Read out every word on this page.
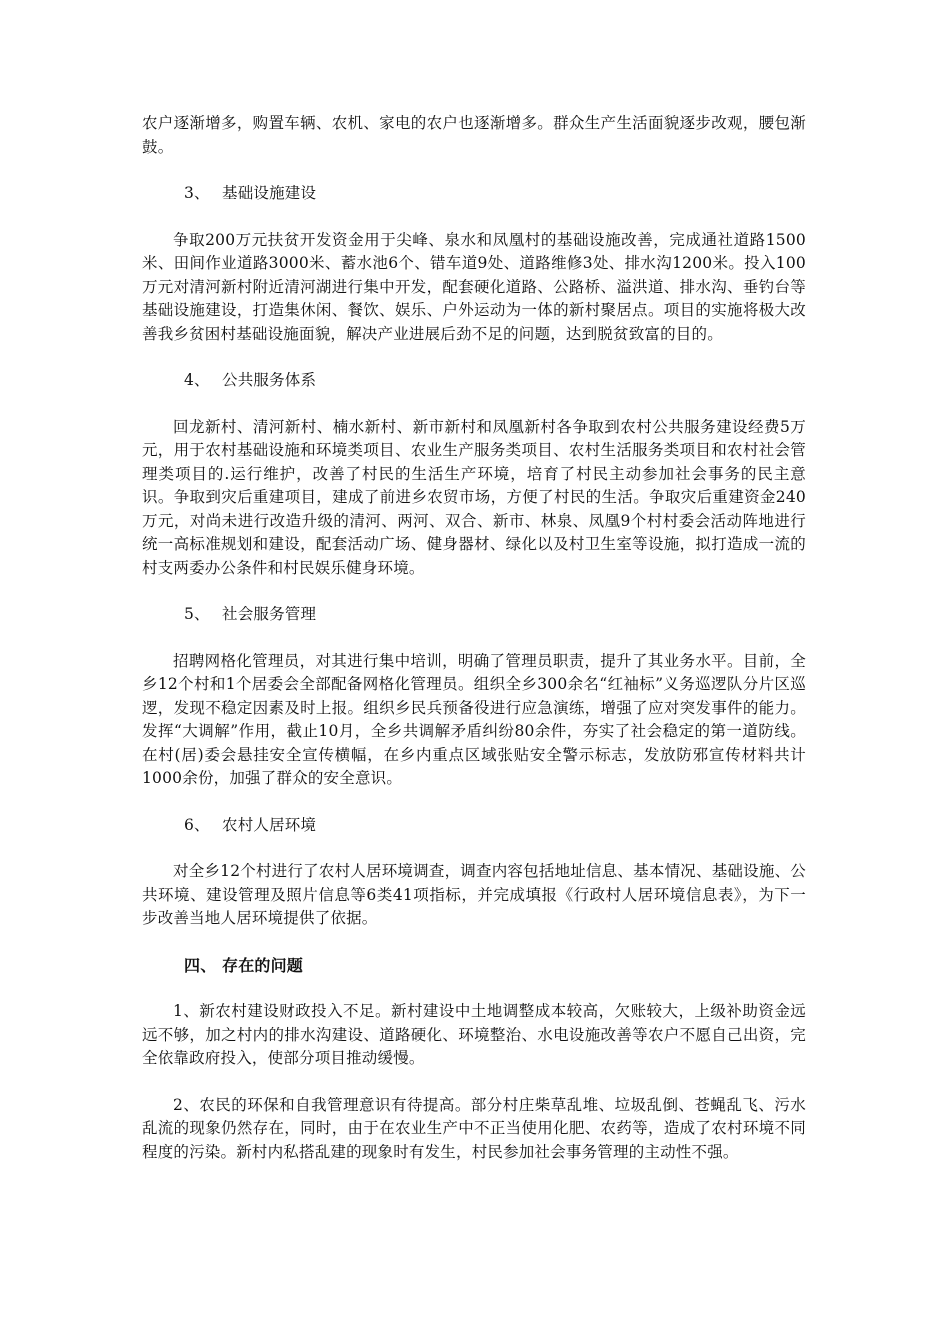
农户逐渐增多，购置车辆、农机、家电的农户也逐渐增多。群众生产生活面貌逐步改观，腰包渐鼓。

3、 基础设施建设

争取200万元扶贫开发资金用于尖峰、泉水和凤凰村的基础设施改善，完成通社道路1500米、田间作业道路3000米、蓄水池6个、错车道9处、道路维修3处、排水沟1200米。投入100万元对清河新村附近清河湖进行集中开发，配套硬化道路、公路桥、溢洪道、排水沟、垂钓台等基础设施建设，打造集休闲、餐饮、娱乐、户外运动为一体的新村聚居点。项目的实施将极大改善我乡贫困村基础设施面貌，解决产业进展后劲不足的问题，达到脱贫致富的目的。

4、 公共服务体系

回龙新村、清河新村、楠水新村、新市新村和凤凰新村各争取到农村公共服务建设经费5万元，用于农村基础设施和环境类项目、农业生产服务类项目、农村生活服务类项目和农村社会管理类项目的.运行维护，改善了村民的生活生产环境，培育了村民主动参加社会事务的民主意识。争取到灾后重建项目，建成了前进乡农贸市场，方便了村民的生活。争取灾后重建资金240万元，对尚未进行改造升级的清河、两河、双合、新市、林泉、凤凰9个村村委会活动阵地进行统一高标准规划和建设，配套活动广场、健身器材、绿化以及村卫生室等设施，拟打造成一流的村支两委办公条件和村民娱乐健身环境。

5、 社会服务管理

招聘网格化管理员，对其进行集中培训，明确了管理员职责，提升了其业务水平。目前，全乡12个村和1个居委会全部配备网格化管理员。组织全乡300余名“红袖标”义务巡逻队分片区巡逻，发现不稳定因素及时上报。组织乡民兵预备役进行应急演练，增强了应对突发事件的能力。发挥“大调解”作用，截止10月，全乡共调解矛盾纠纷80余件，夯实了社会稳定的第一道防线。在村(居)委会悬挂安全宣传横幅，在乡内重点区域张贴安全警示标志，发放防邪宣传材料共计1000余份，加强了群众的安全意识。

6、 农村人居环境

对全乡12个村进行了农村人居环境调查，调查内容包括地址信息、基本情况、基础设施、公共环境、建设管理及照片信息等6类41项指标，并完成填报《行政村人居环境信息表》，为下一步改善当地人居环境提供了依据。

四、 存在的问题

1、新农村建设财政投入不足。新村建设中土地调整成本较高，欠账较大，上级补助资金远远不够，加之村内的排水沟建设、道路硬化、环境整治、水电设施改善等农户不愿自己出资，完全依靠政府投入，使部分项目推动缓慢。

2、农民的环保和自我管理意识有待提高。部分村庄柴草乱堆、垃圾乱倒、苍蝇乱飞、污水乱流的现象仍然存在，同时，由于在农业生产中不正当使用化肥、农药等，造成了农村环境不同程度的污染。新村内私搭乱建的现象时有发生，村民参加社会事务管理的主动性不强。
